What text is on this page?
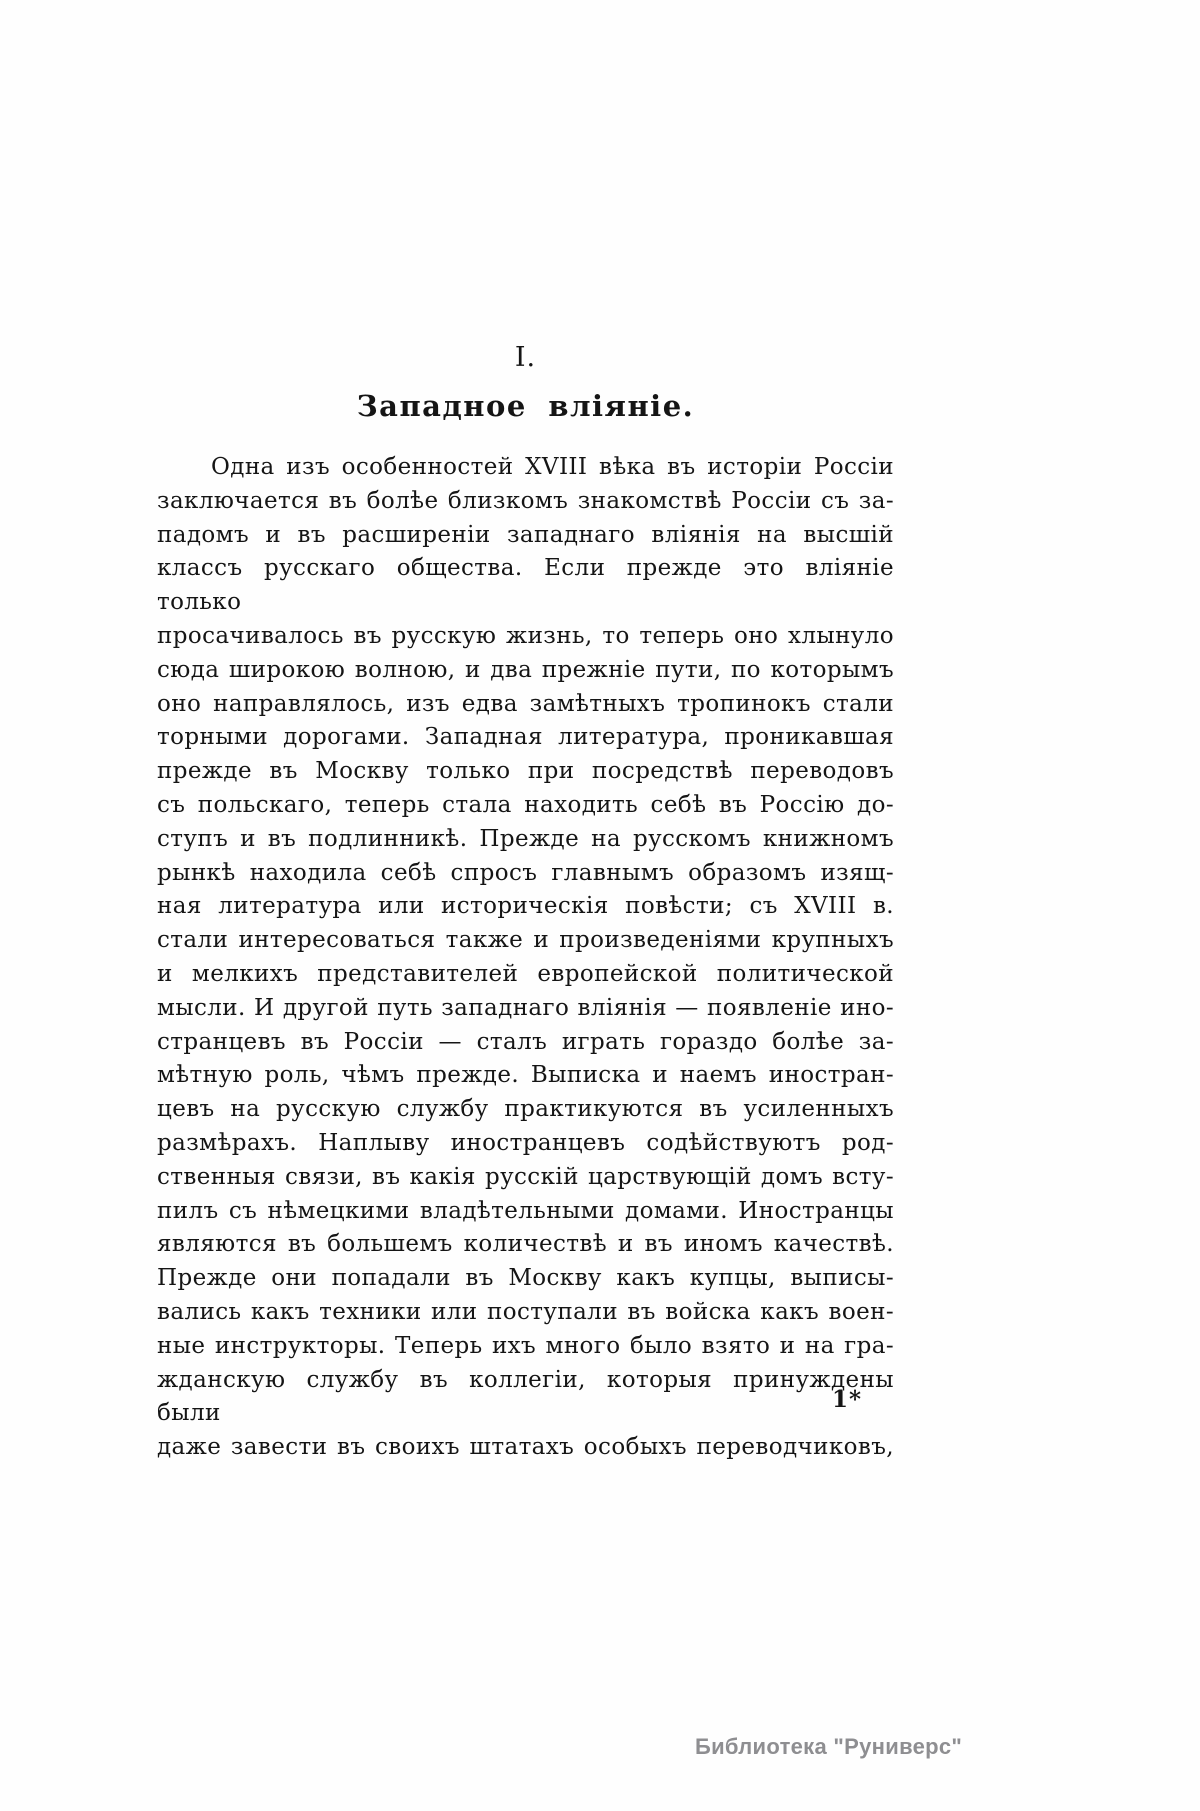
I.
Западное вліяніе.
Одна изъ особенностей XVIII вѣка въ исторіи Россіи
заключается въ болѣе близкомъ знакомствѣ Россіи съ за-
падомъ и въ расширеніи западнаго вліянія на высшій
классъ русскаго общества. Если прежде это вліяніе только
просачивалось въ русскую жизнь, то теперь оно хлынуло
сюда широкою волною, и два прежніе пути, по которымъ
оно направлялось, изъ едва замѣтныхъ тропинокъ стали
торными дорогами. Западная литература, проникавшая
прежде въ Москву только при посредствѣ переводовъ
съ польскаго, теперь стала находить себѣ въ Россію до-
ступъ и въ подлинникѣ. Прежде на русскомъ книжномъ
рынкѣ находила себѣ спросъ главнымъ образомъ изящ-
ная литература или историческія повѣсти; съ XVIII в.
стали интересоваться также и произведеніями крупныхъ
и мелкихъ представителей европейской политической
мысли. И другой путь западнаго вліянія — появленіе ино-
странцевъ въ Россіи — сталъ играть гораздо болѣе за-
мѣтную роль, чѣмъ прежде. Выписка и наемъ иностран-
цевъ на русскую службу практикуются въ усиленныхъ
размѣрахъ. Наплыву иностранцевъ содѣйствуютъ род-
ственныя связи, въ какія русскій царствующій домъ всту-
пилъ съ нѣмецкими владѣтельными домами. Иностранцы
являются въ большемъ количествѣ и въ иномъ качествѣ.
Прежде они попадали въ Москву какъ купцы, выписы-
вались какъ техники или поступали въ войска какъ воен-
ные инструкторы. Теперь ихъ много было взято и на гра-
жданскую службу въ коллегіи, которыя принуждены были
даже завести въ своихъ штатахъ особыхъ переводчиковъ,
1*
Библиотека "Руниверс"
